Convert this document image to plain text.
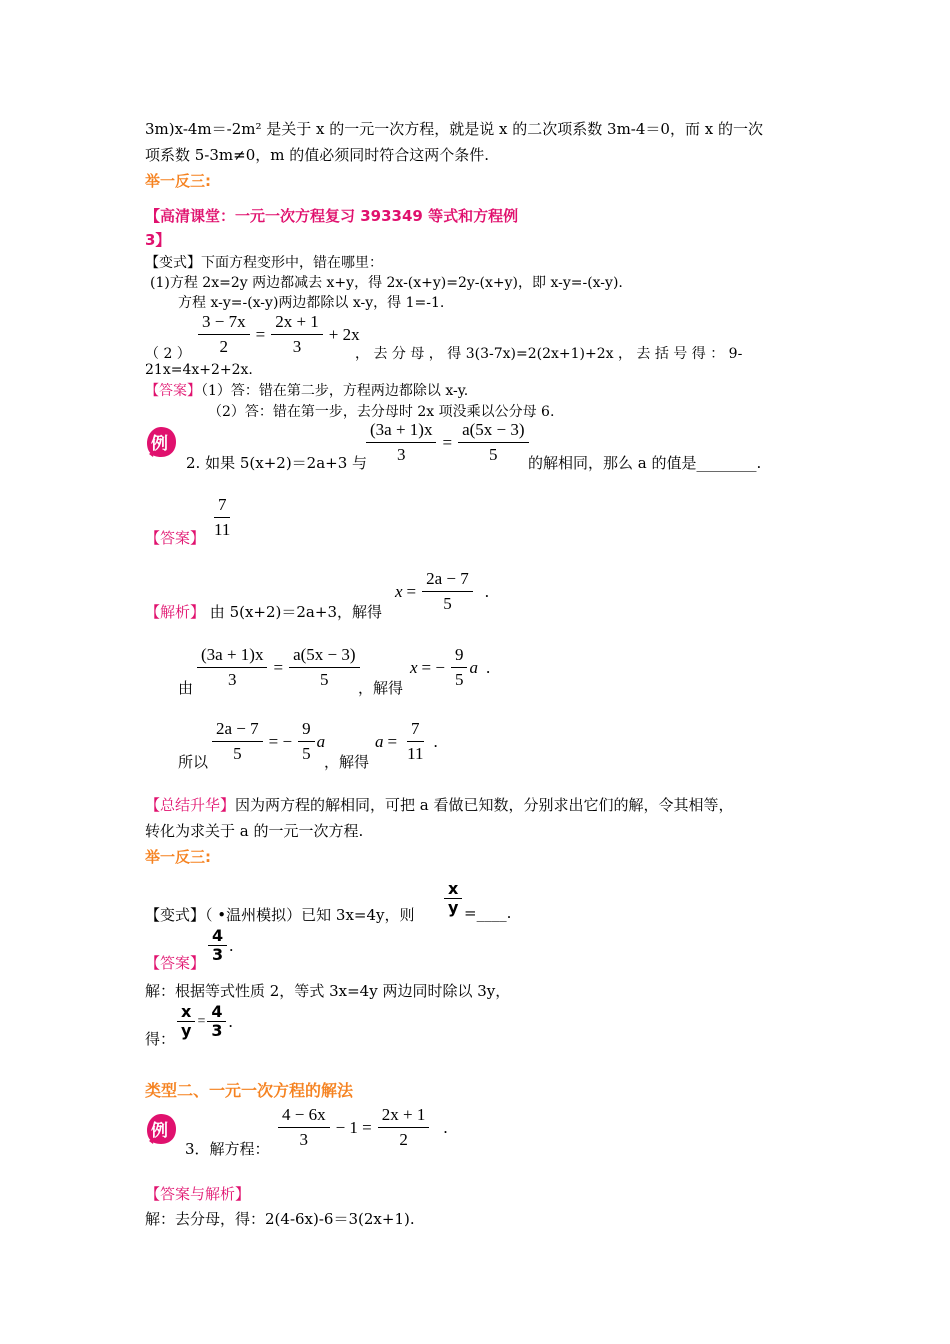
3m)x-4m＝-2m² 是关于 x 的一元一次方程，就是说 x 的二次项系数 3m-4＝0，而 x 的一次
项系数 5-3m≠0，m 的值必须同时符合这两个条件.
举一反三:
【高清课堂：一元一次方程复习 393349 等式和方程例
3】
【变式】下面方程变形中，错在哪里：
(1)方程 2x=2y 两边都减去 x+y，得 2x-(x+y)=2y-(x+y)，即 x-y=-(x-y).
方程 x-y=-(x-y)两边都除以 x-y，得 1=-1.
$\frac{3 - 7x}{2} = \frac{2x + 1}{3} + 2x$
（ 2 ）	， 去 分 母 ， 得 3(3-7x)=2(2x+1)+2x ， 去 括 号 得 ： 9-
21x=4x+2+2x.
【答案】（1）答：错在第二步，方程两边都除以 x-y.
（2）答：错在第一步，去分母时 2x 项没乘以公分母 6.
例	$\frac{(3a + 1)x}{3} = \frac{a(5x - 3)}{5}$
2. 如果 5(x+2)＝2a+3 与	的解相同，那么 a 的值是________.
【答案】 $\frac{7}{11}$
【解析】 由 5(x+2)＝2a+3，解得
$x = \frac{2a - 7}{5}$ .
由 $\frac{(3a + 1)x}{3} = \frac{a(5x - 3)}{5}$
，解得
x = − $\frac{9}{5}$ a .
所以 $\frac{2a - 7}{5}$ = − $\frac{9}{5}$ a
，解得
$a = \frac{7}{11}$ .
【总结升华】因为两方程的解相同，可把 a 看做已知数，分别求出它们的解，令其相等，
转化为求关于 a 的一元一次方程.
举一反三:
【变式】（ •温州模拟）已知 3x=4y，则 $\frac{x}{y}$ =____.
【答案】 $\frac{4}{3}$ .
解：根据等式性质 2，等式 3x=4y 两边同时除以 3y，
得： $\frac{x}{y} = \frac{4}{3}$ .
类型二、一元一次方程的解法
例
3．解方程： $\frac{4 - 6x}{3} - 1 = \frac{2x + 1}{2}$ .
【答案与解析】
解：去分母，得：2(4-6x)-6＝3(2x+1).
